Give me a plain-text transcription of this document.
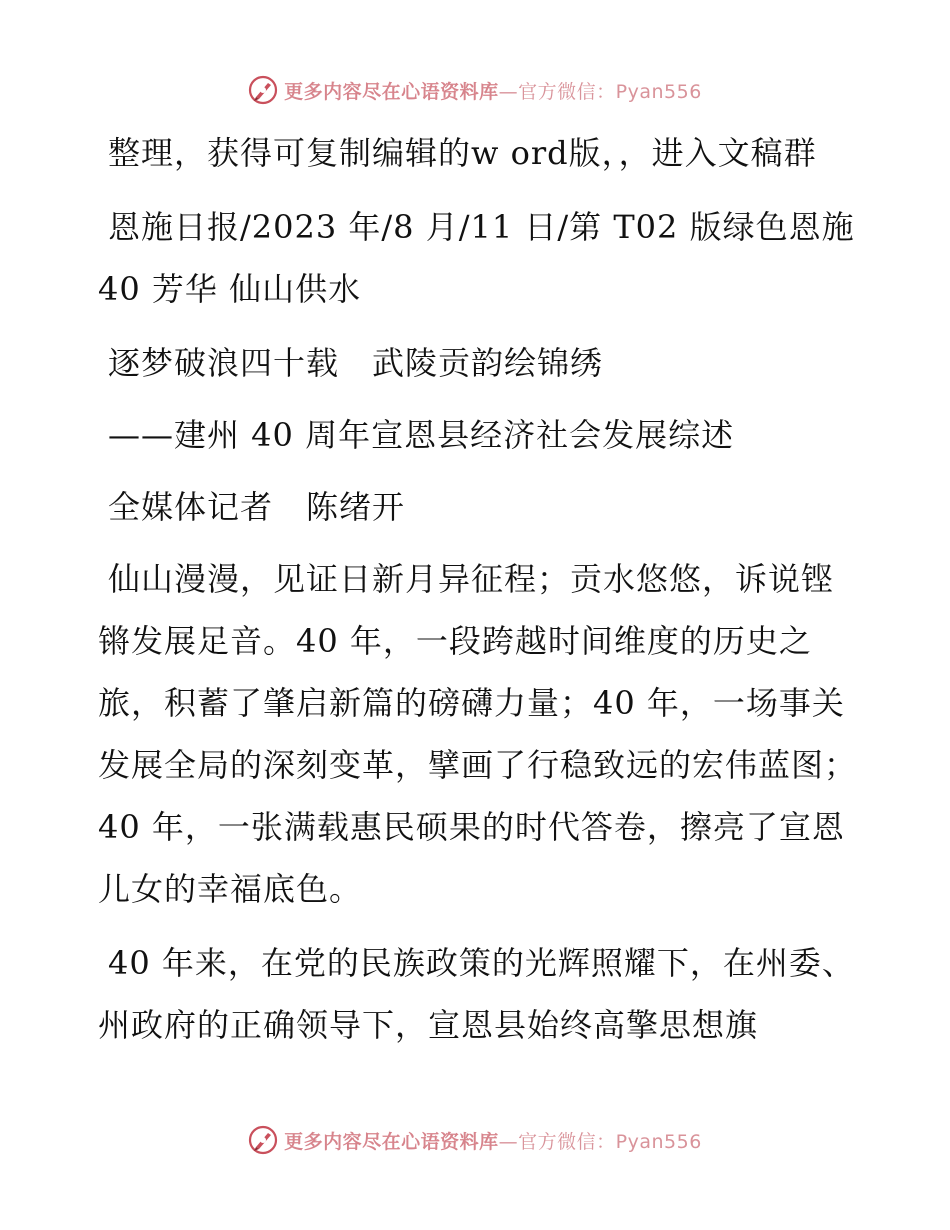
更多内容尽在心语资料库—官方微信：Pyan556

整理，获得可复制编辑的w ord版，，进入文稿群

恩施日报/2023 年/8 月/11 日/第 T02 版绿色恩施 40 芳华 仙山供水

逐梦破浪四十载　武陵贡韵绘锦绣

——建州 40 周年宣恩县经济社会发展综述

全媒体记者　陈绪开

仙山漫漫，见证日新月异征程；贡水悠悠，诉说铿锵发展足音。40 年，一段跨越时间维度的历史之旅，积蓄了肇启新篇的磅礴力量；40 年，一场事关发展全局的深刻变革，擘画了行稳致远的宏伟蓝图；40 年，一张满载惠民硕果的时代答卷，擦亮了宣恩儿女的幸福底色。

40 年来，在党的民族政策的光辉照耀下，在州委、州政府的正确领导下，宣恩县始终高擎思想旗

更多内容尽在心语资料库—官方微信：Pyan556
